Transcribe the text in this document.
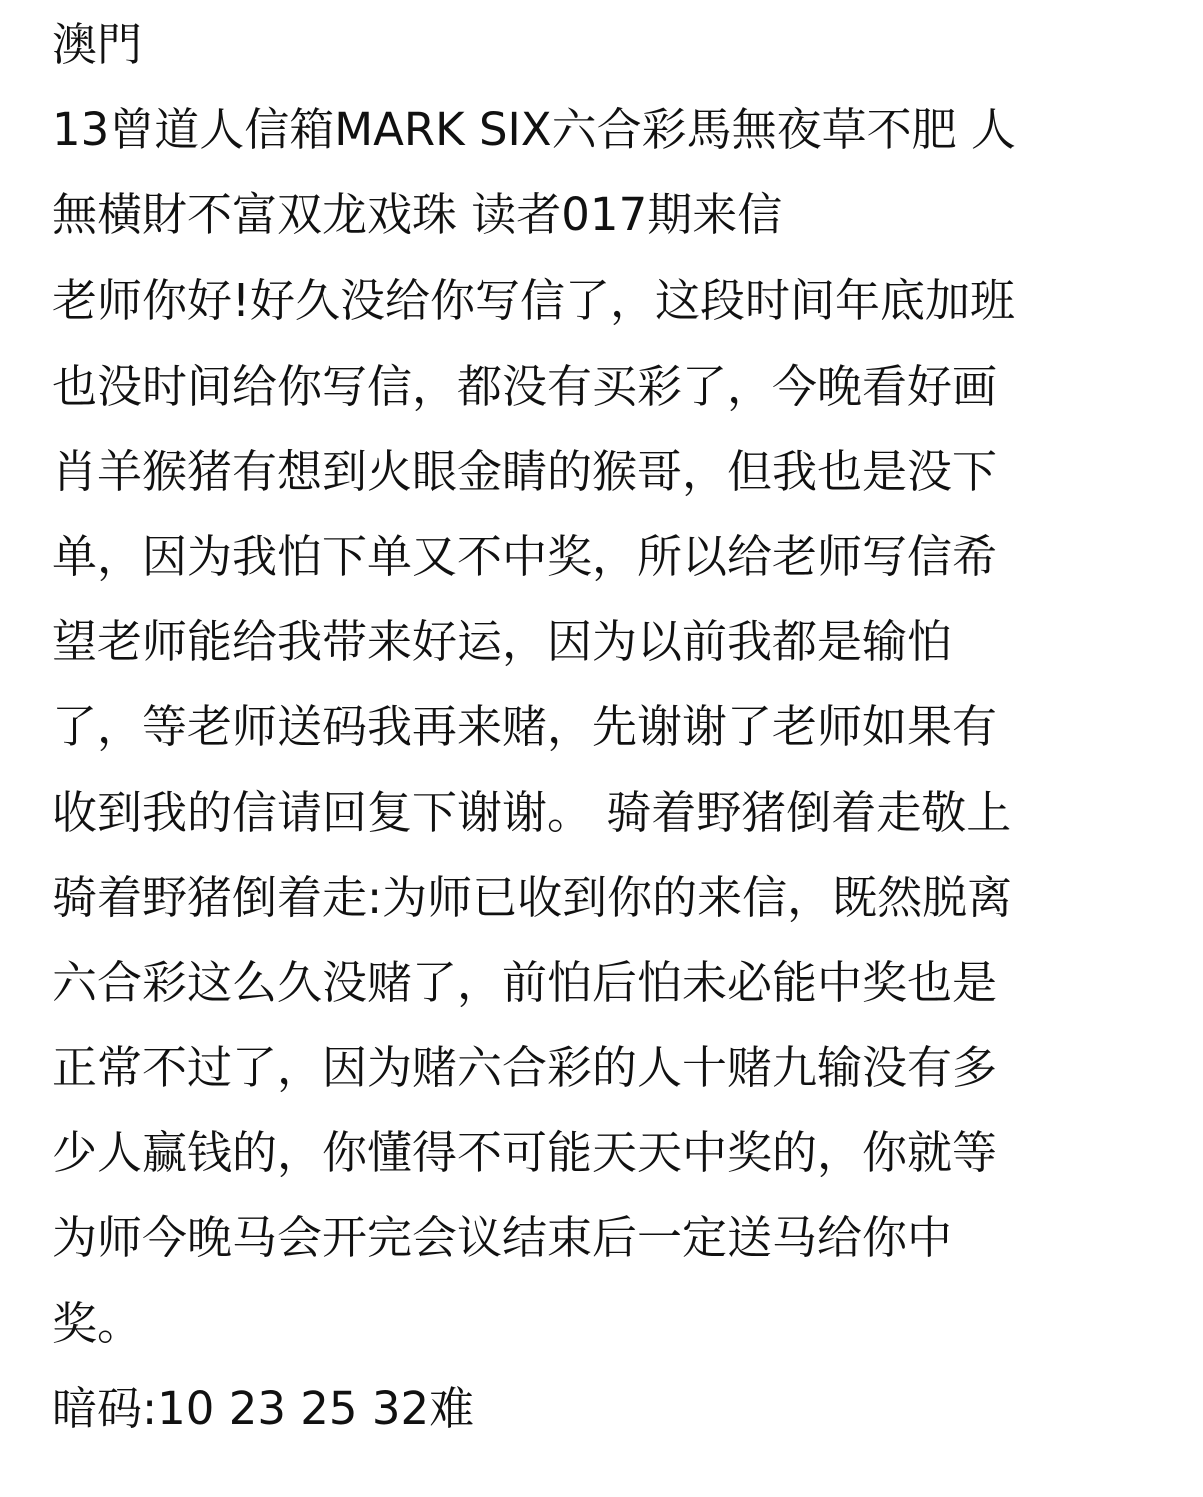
澳門
13曾道人信箱MARK SIX六合彩馬無夜草不肥 人
無橫財不富双龙戏珠 读者017期来信
老师你好!好久没给你写信了，这段时间年底加班
也没时间给你写信，都没有买彩了，今晚看好画
肖羊猴猪有想到火眼金睛的猴哥，但我也是没下
单，因为我怕下单又不中奖，所以给老师写信希
望老师能给我带来好运，因为以前我都是输怕
了，等老师送码我再来赌，先谢谢了老师如果有
收到我的信请回复下谢谢。 骑着野猪倒着走敬上
骑着野猪倒着走:为师已收到你的来信，既然脱离
六合彩这么久没赌了，前怕后怕未必能中奖也是
正常不过了，因为赌六合彩的人十赌九输没有多
少人赢钱的，你懂得不可能天天中奖的，你就等
为师今晚马会开完会议结束后一定送马给你中
奖。
暗码:10 23 25 32难
